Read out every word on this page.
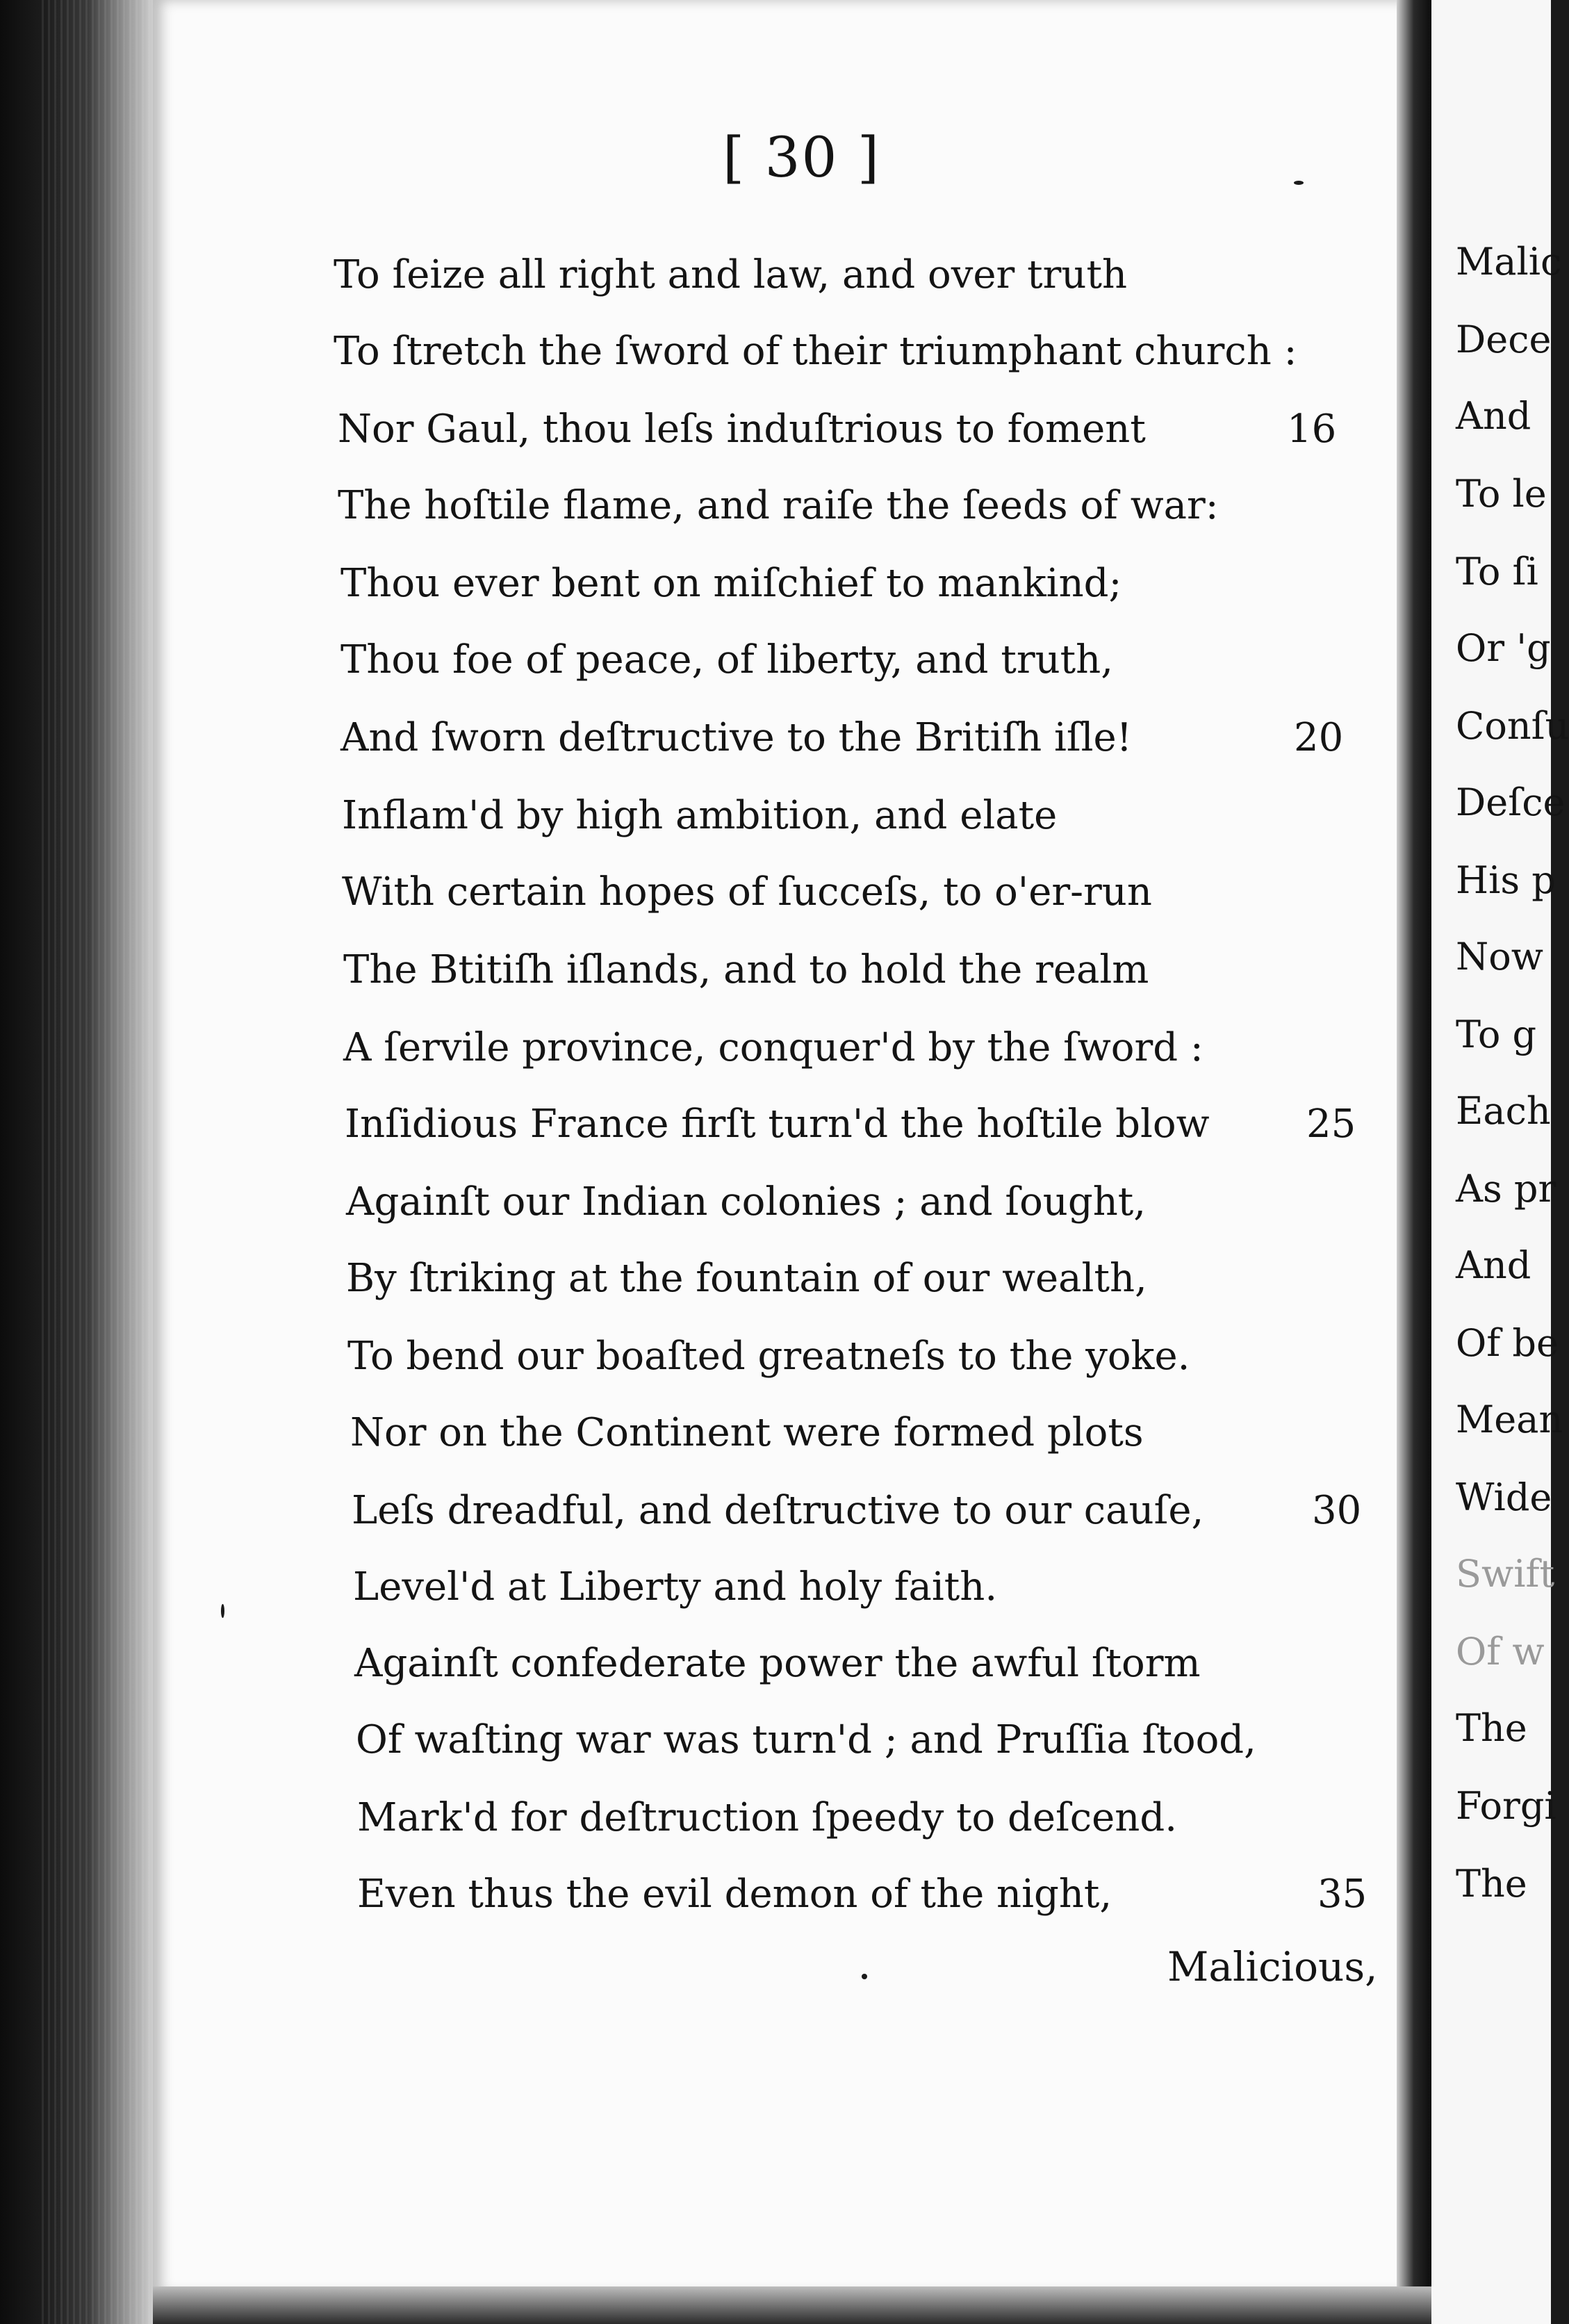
[ 30 ]
To ſeize all right and law, and over truth
To ſtretch the ſword of their triumphant church :
Nor Gaul, thou leſs induſtrious to foment
The hoſtile flame, and raiſe the ſeeds of war:
Thou ever bent on miſchief to mankind;
Thou foe of peace, of liberty, and truth,
And ſworn deſtructive to the Britiſh iſle!
Inflam'd by high ambition, and elate
With certain hopes of ſucceſs, to o'er-run
The Btitiſh iſlands, and to hold the realm
A ſervile province, conquer'd by the ſword :
Inſidious France firſt turn'd the hoſtile blow
Againſt our Indian colonies ; and ſought,
By ſtriking at the fountain of our wealth,
To bend our boaſted greatneſs to the yoke.
Nor on the Continent were formed plots
Leſs dreadful, and deſtructive to our cauſe,
Level'd at Liberty and holy faith.
Againſt confederate power the awful ſtorm
Of waſting war was turn'd ; and Pruſſia ſtood,
Mark'd for deſtruction ſpeedy to deſcend.
Even thus the evil demon of the night,
16
20
25
30
35
Malicious,
Malic
Dece
And
To le
To ſi
Or 'g
Conſu
Deſce
His p
Now
To g
Each
As pr
And
Of be
Mean
Wide
Swift
Of w
The
Forgi
The
